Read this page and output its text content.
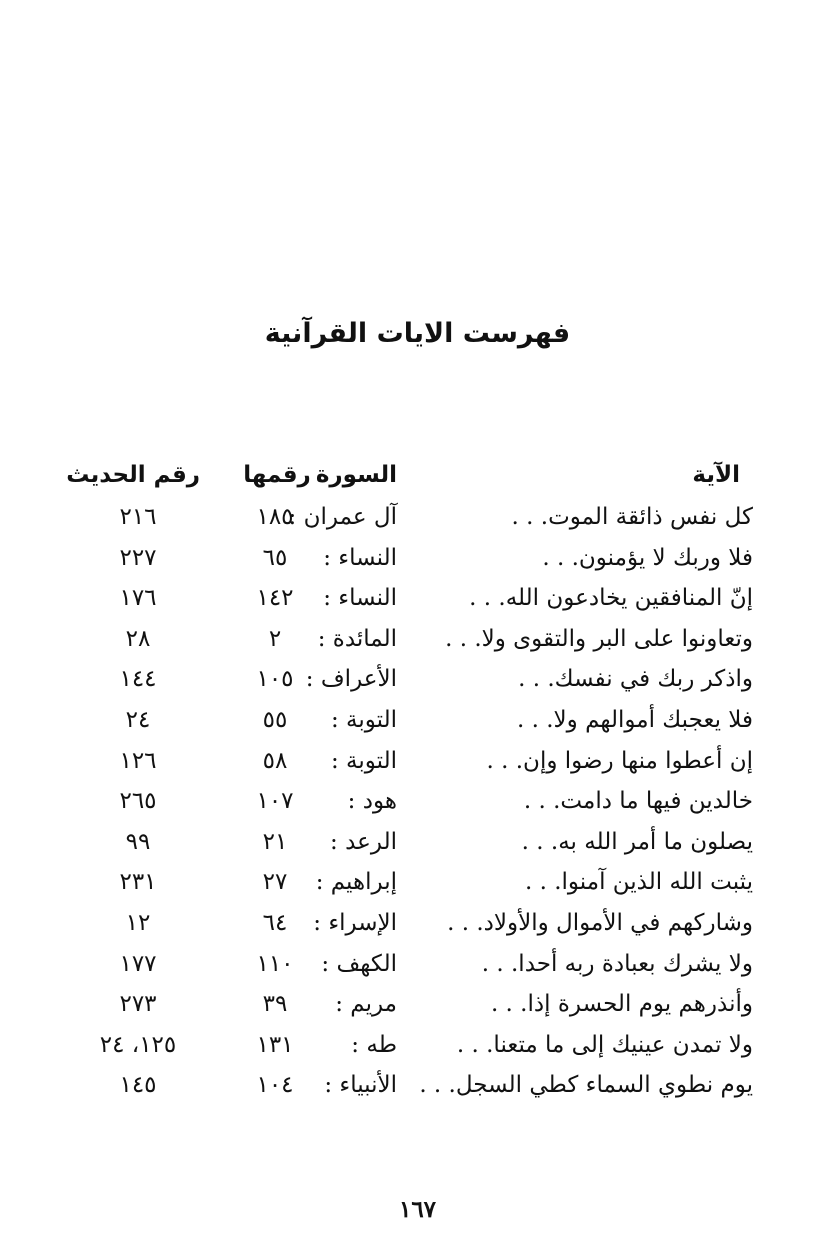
فهرست الايات القرآنية
الآية
السورة
رقمها
رقم الحديث
كل نفس ذائقة الموت. . .
آل عمران :
١٨٥
٢١٦
فلا وربك لا يؤمنون. . .
النساء :
٦٥
٢٢٧
إنّ المنافقين يخادعون الله. . .
النساء :
١٤٢
١٧٦
وتعاونوا على البر والتقوى ولا. . .
المائدة :
٢
٢٨
واذكر ربك في نفسك. . .
الأعراف :
١٠٥
١٤٤
فلا يعجبك أموالهم ولا. . .
التوبة :
٥٥
٢٤
إن أعطوا منها رضوا وإن. . .
التوبة :
٥٨
١٢٦
خالدين فيها ما دامت. . .
هود :
١٠٧
٢٦٥
يصلون ما أمر الله به. . .
الرعد :
٢١
٩٩
يثبت الله الذين آمنوا. . .
إبراهيم :
٢٧
٢٣١
وشاركهم في الأموال والأولاد. . .
الإسراء :
٦٤
١٢
ولا يشرك بعبادة ربه أحدا. . .
الكهف :
١١٠
١٧٧
وأنذرهم يوم الحسرة إذا. . .
مريم :
٣٩
٢٧٣
ولا تمدن عينيك إلى ما متعنا. . .
طه :
١٣١
١٢٥، ٢٤
يوم نطوي السماء كطي السجل. . .
الأنبياء :
١٠٤
١٤٥
١٦٧
